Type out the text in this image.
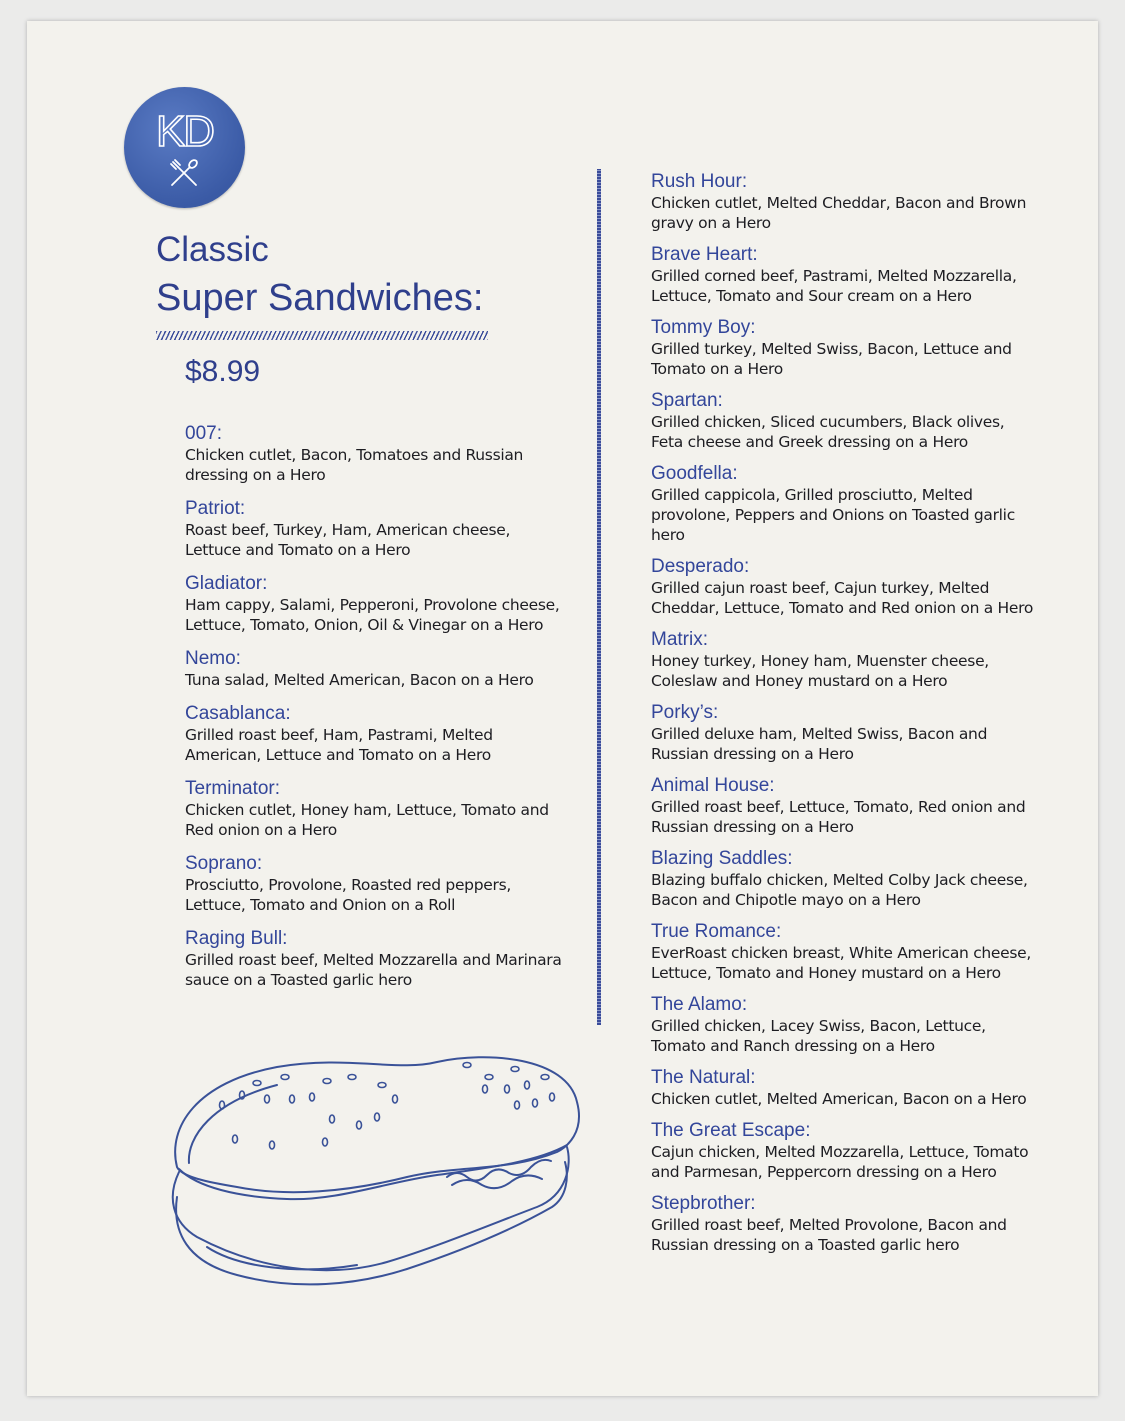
KD
Classic
Super Sandwiches:
$8.99
007:
Chicken cutlet, Bacon, Tomatoes and Russian dressing on a Hero
Patriot:
Roast beef, Turkey, Ham, American cheese, Lettuce and Tomato on a Hero
Gladiator:
Ham cappy, Salami, Pepperoni, Provolone cheese, Lettuce, Tomato, Onion, Oil & Vinegar on a Hero
Nemo:
Tuna salad, Melted American, Bacon on a Hero
Casablanca:
Grilled roast beef, Ham, Pastrami, Melted American, Lettuce and Tomato on a Hero
Terminator:
Chicken cutlet, Honey ham, Lettuce, Tomato and Red onion on a Hero
Soprano:
Prosciutto, Provolone, Roasted red peppers, Lettuce, Tomato and Onion on a Roll
Raging Bull:
Grilled roast beef, Melted Mozzarella and Marinara sauce on a Toasted garlic hero
Rush Hour:
Chicken cutlet, Melted Cheddar, Bacon and Brown gravy on a Hero
Brave Heart:
Grilled corned beef, Pastrami, Melted Mozzarella, Lettuce, Tomato and Sour cream on a Hero
Tommy Boy:
Grilled turkey, Melted Swiss, Bacon, Lettuce and Tomato on a Hero
Spartan:
Grilled chicken, Sliced cucumbers, Black olives, Feta cheese and Greek dressing on a Hero
Goodfella:
Grilled cappicola, Grilled prosciutto, Melted provolone, Peppers and Onions on Toasted garlic hero
Desperado:
Grilled cajun roast beef, Cajun turkey, Melted Cheddar, Lettuce, Tomato and Red onion on a Hero
Matrix:
Honey turkey, Honey ham, Muenster cheese, Coleslaw and Honey mustard on a Hero
Porky’s:
Grilled deluxe ham, Melted Swiss, Bacon and Russian dressing on a Hero
Animal House:
Grilled roast beef, Lettuce, Tomato, Red onion and Russian dressing on a Hero
Blazing Saddles:
Blazing buffalo chicken, Melted Colby Jack cheese, Bacon and Chipotle mayo on a Hero
True Romance:
EverRoast chicken breast, White American cheese, Lettuce, Tomato and Honey mustard on a Hero
The Alamo:
Grilled chicken, Lacey Swiss, Bacon, Lettuce, Tomato and Ranch dressing on a Hero
The Natural:
Chicken cutlet, Melted American, Bacon on a Hero
The Great Escape:
Cajun chicken, Melted Mozzarella, Lettuce, Tomato and Parmesan, Peppercorn dressing on a Hero
Stepbrother:
Grilled roast beef, Melted Provolone, Bacon and Russian dressing on a Toasted garlic hero
